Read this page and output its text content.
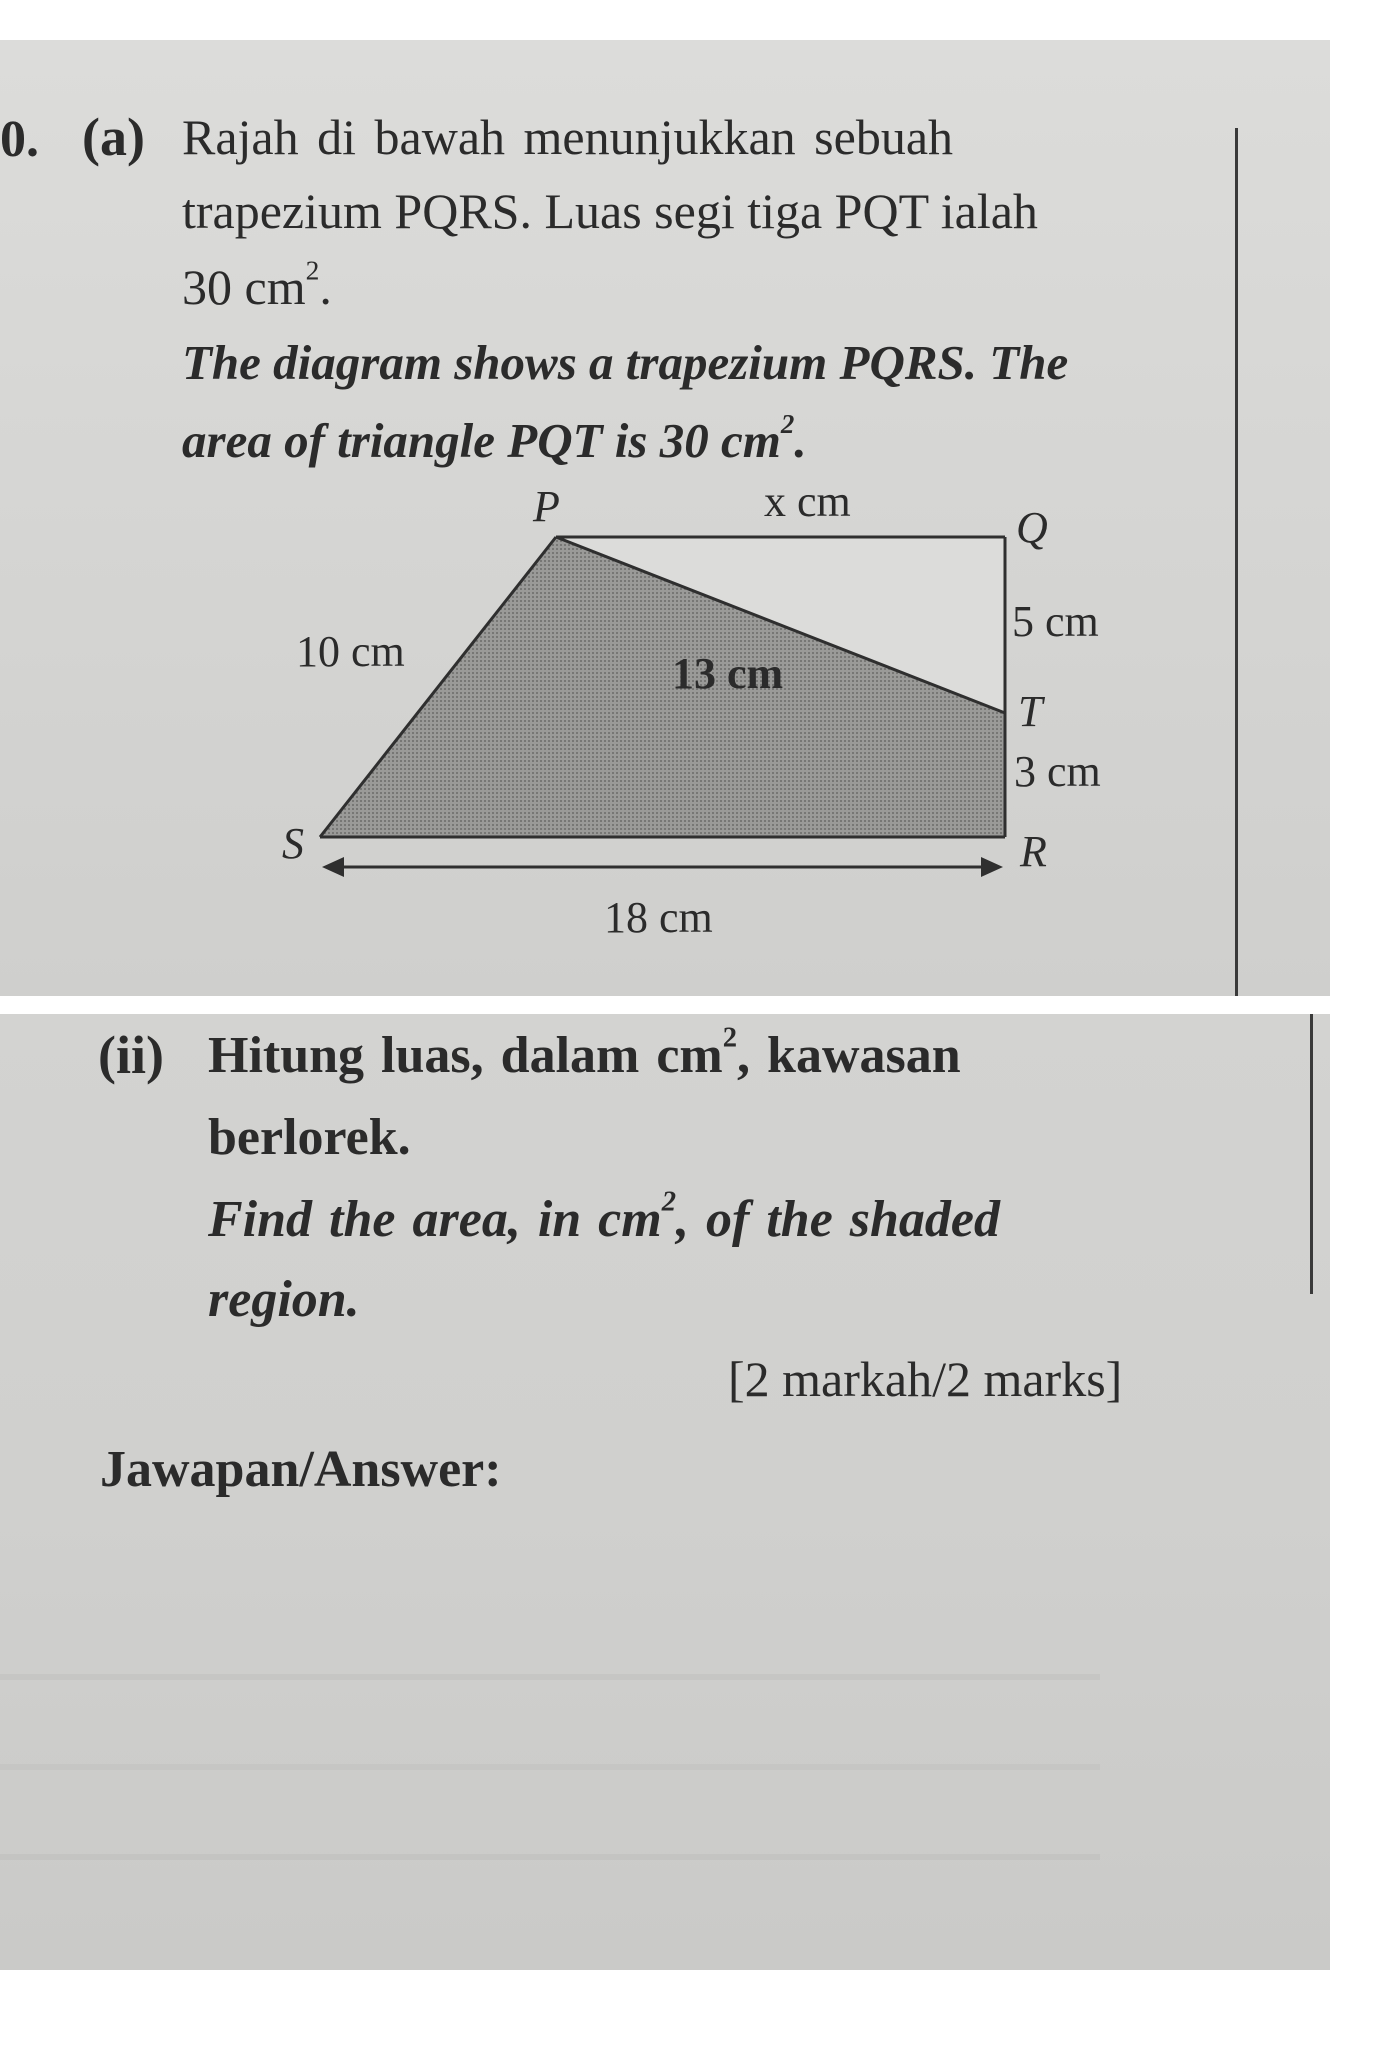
0. (a) Rajah di bawah menunjukkan sebuah
trapezium PQRS. Luas segi tiga PQT ialah
30 $cm^2$.
The diagram shows a trapezium PQRS. The
area of triangle PQT is 30 $cm^2$.
P	Q
T
R
S
x cm
5 cm
3 cm
10 cm	13 cm
18 cm
(ii) Hitung luas, dalam $cm^2$, kawasan
berlorek.
Find the area, in $cm^2$, of the shaded
region.
[2 markah/2 marks]
Jawapan/Answer:
